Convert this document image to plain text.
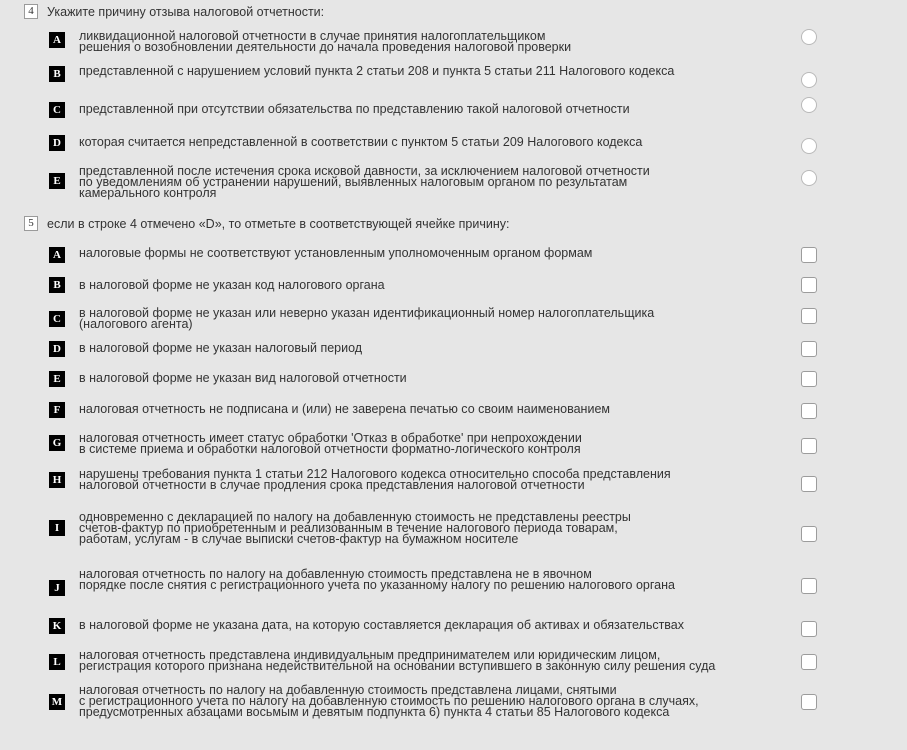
4	Укажите причину отзыва налоговой отчетности:
A	ликвидационной налоговой отчетности в случае принятия налогоплательщиком
решения о возобновлении деятельности до начала проведения налоговой проверки
B	представленной с нарушением условий пункта 2 статьи 208 и пункта 5 статьи 211 Налогового кодекса
C	представленной при отсутствии обязательства по представлению такой налоговой отчетности
D	которая считается непредставленной в соответствии с пунктом 5 статьи 209 Налогового кодекса
E
представленной после истечения срока исковой давности, за исключением налоговой отчетности
по уведомлениям об устранении нарушений, выявленных налоговым органом по результатам
камерального контроля
5	если в строке 4 отмечено «D», то отметьте в соответствующей ячейке причину:
A	налоговые формы не соответствуют установленным уполномоченным органом формам
B	в налоговой форме не указан код налогового органа
C	в налоговой форме не указан или неверно указан идентификационный номер налогоплательщика
(налогового агента)
D	в налоговой форме не указан налоговый период
E	в налоговой форме не указан вид налоговой отчетности
F	налоговая отчетность не подписана и (или) не заверена печатью со своим наименованием
G налоговая отчетность имеет статус обработки 'Отказ в обработке' при непрохождении
в системе приема и обработки налоговой отчетности форматно-логического контроля
H нарушены требования пункта 1 статьи 212 Налогового кодекса относительно способа представления
налоговой отчетности в случае продления срока представления налоговой отчетности
I
одновременно с декларацией по налогу на добавленную стоимость не представлены реестры
счетов-фактур по приобретенным и реализованным в течение налогового периода товарам,
работам, услугам - в случае выписки счетов-фактур на бумажном носителе
J
налоговая отчетность по налогу на добавленную стоимость представлена не в явочном
порядке после снятия с регистрационного учета по указанному налогу по решению налогового органа
K в налоговой форме не указана дата, на которую составляется декларация об активах и обязательствах
L	налоговая отчетность представлена индивидуальным предпринимателем или юридическим лицом,
регистрация которого признана недействительной на основании вступившего в законную силу решения суда
M
налоговая отчетность по налогу на добавленную стоимость представлена лицами, снятыми
с регистрационного учета по налогу на добавленную стоимость по решению налогового органа в случаях,
предусмотренных абзацами восьмым и девятым подпункта 6) пункта 4 статьи 85 Налогового кодекса
